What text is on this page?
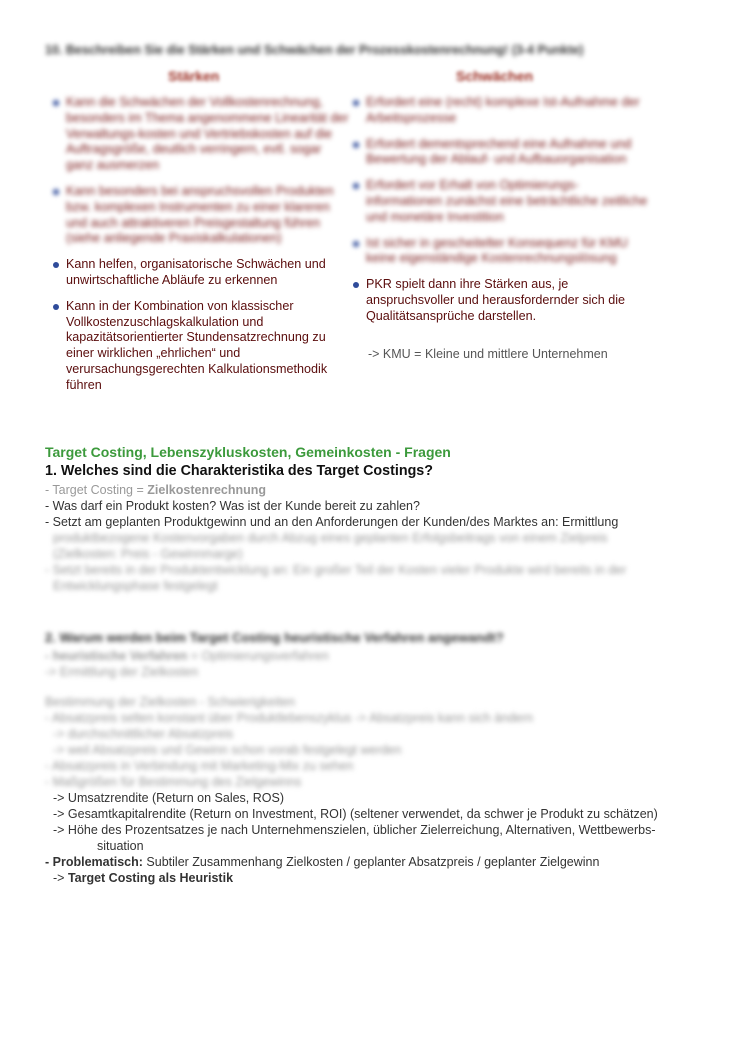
10. Beschreiben Sie die Stärken und Schwächen der Prozesskostenrechnung! (3-4 Punkte)
Stärken	Schwächen
Kann die Schwächen der Vollkostenrechnung, besonders im Thema angenommene Linearität der Verwaltungs-kosten und Vertriebskosten auf die Auftragsgröße, deutlich verringern, evtl. sogar ganz ausmerzen
Kann besonders bei anspruchsvollen Produkten bzw. komplexen Instrumenten zu einer klareren und auch attraktiveren Preisgestaltung führen (siehe anliegende Praxiskalkulationen)
Kann helfen, organisatorische Schwächen und unwirtschaftliche Abläufe zu erkennen
Kann in der Kombination von klassischer Vollkostenzuschlagskalkulation und kapazitätsorientierter Stundensatzrechnung zu einer wirklichen „ehrlichen“ und verursachungsgerechten Kalkulationsmethodik führen
Erfordert eine (recht) komplexe Ist-Aufnahme der Arbeitsprozesse
Erfordert dementsprechend eine Aufnahme und Bewertung der Ablauf- und Aufbauorganisation
Erfordert vor Erhalt von Optimierungs-informationen zunächst eine beträchtliche zeitliche und monetäre Investition
Ist sicher in gescheitelter Konsequenz für KMU keine eigenständige Kostenrechnungslösung
PKR spielt dann ihre Stärken aus, je anspruchsvoller und herausfordernder sich die Qualitätsansprüche darstellen.
-> KMU = Kleine und mittlere Unternehmen
Target Costing, Lebenszykluskosten, Gemeinkosten - Fragen
1. Welches sind die Charakteristika des Target Costings?
- Target Costing = Zielkostenrechnung
- Was darf ein Produkt kosten? Was ist der Kunde bereit zu zahlen?
- Setzt am geplanten Produktgewinn und an den Anforderungen der Kunden/des Marktes an: Ermittlung
produktbezogene Kostenvorgaben durch Abzug eines geplanten Erfolgsbeitrags von einem Zielpreis
(Zielkosten: Preis - Gewinnmarge)
- Setzt bereits in der Produktentwicklung an: Ein großer Teil der Kosten vieler Produkte wird bereits in der
Entwicklungsphase festgelegt
2. Warum werden beim Target Costing heuristische Verfahren angewandt?
- heuristische Verfahren = Optimierungsverfahren
-> Ermittlung der Zielkosten
Bestimmung der Zielkosten - Schwierigkeiten
- Absatzpreis selten konstant über Produktlebenszyklus -> Absatzpreis kann sich ändern
-> durchschnittlicher Absatzpreis
-> weil Absatzpreis und Gewinn schon vorab festgelegt werden
- Absatzpreis in Verbindung mit Marketing-Mix zu sehen
- Maßgrößen für Bestimmung des Zielgewinns
-> Umsatzrendite (Return on Sales, ROS)
-> Gesamtkapitalrendite (Return on Investment, ROI) (seltener verwendet, da schwer je Produkt zu schätzen)
-> Höhe des Prozentsatzes je nach Unternehmenszielen, üblicher Zielerreichung, Alternativen, Wettbewerbs-
situation
- Problematisch: Subtiler Zusammenhang Zielkosten / geplanter Absatzpreis / geplanter Zielgewinn
-> Target Costing als Heuristik
